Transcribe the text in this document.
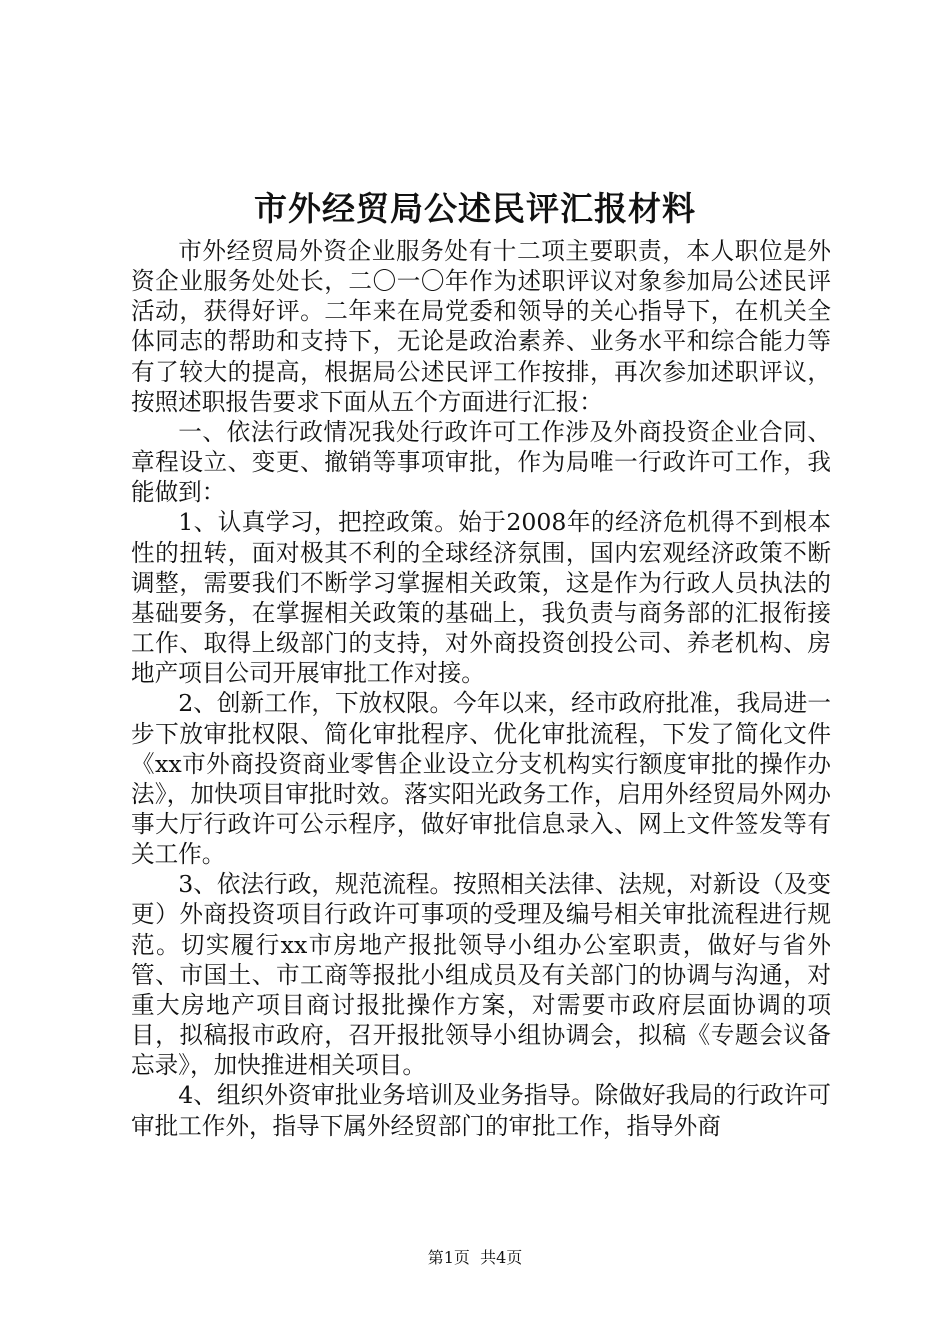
市外经贸局公述民评汇报材料

市外经贸局外资企业服务处有十二项主要职责，本人职位是外资企业服务处处长，二〇一〇年作为述职评议对象参加局公述民评活动，获得好评。二年来在局党委和领导的关心指导下，在机关全体同志的帮助和支持下，无论是政治素养、业务水平和综合能力等有了较大的提高，根据局公述民评工作按排，再次参加述职评议，按照述职报告要求下面从五个方面进行汇报：

一、依法行政情况我处行政许可工作涉及外商投资企业合同、章程设立、变更、撤销等事项审批，作为局唯一行政许可工作，我能做到：

1、认真学习，把控政策。始于2008年的经济危机得不到根本性的扭转，面对极其不利的全球经济氛围，国内宏观经济政策不断调整，需要我们不断学习掌握相关政策，这是作为行政人员执法的基础要务，在掌握相关政策的基础上，我负责与商务部的汇报衔接工作、取得上级部门的支持，对外商投资创投公司、养老机构、房地产项目公司开展审批工作对接。

2、创新工作，下放权限。今年以来，经市政府批准，我局进一步下放审批权限、简化审批程序、优化审批流程，下发了简化文件《xx市外商投资商业零售企业设立分支机构实行额度审批的操作办法》，加快项目审批时效。落实阳光政务工作，启用外经贸局外网办事大厅行政许可公示程序，做好审批信息录入、网上文件签发等有关工作。

3、依法行政，规范流程。按照相关法律、法规，对新设（及变更）外商投资项目行政许可事项的受理及编号相关审批流程进行规范。切实履行xx市房地产报批领导小组办公室职责，做好与省外管、市国土、市工商等报批小组成员及有关部门的协调与沟通，对重大房地产项目商讨报批操作方案，对需要市政府层面协调的项目，拟稿报市政府，召开报批领导小组协调会，拟稿《专题会议备忘录》，加快推进相关项目。

4、组织外资审批业务培训及业务指导。除做好我局的行政许可审批工作外，指导下属外经贸部门的审批工作，指导外商

第1页 共4页
